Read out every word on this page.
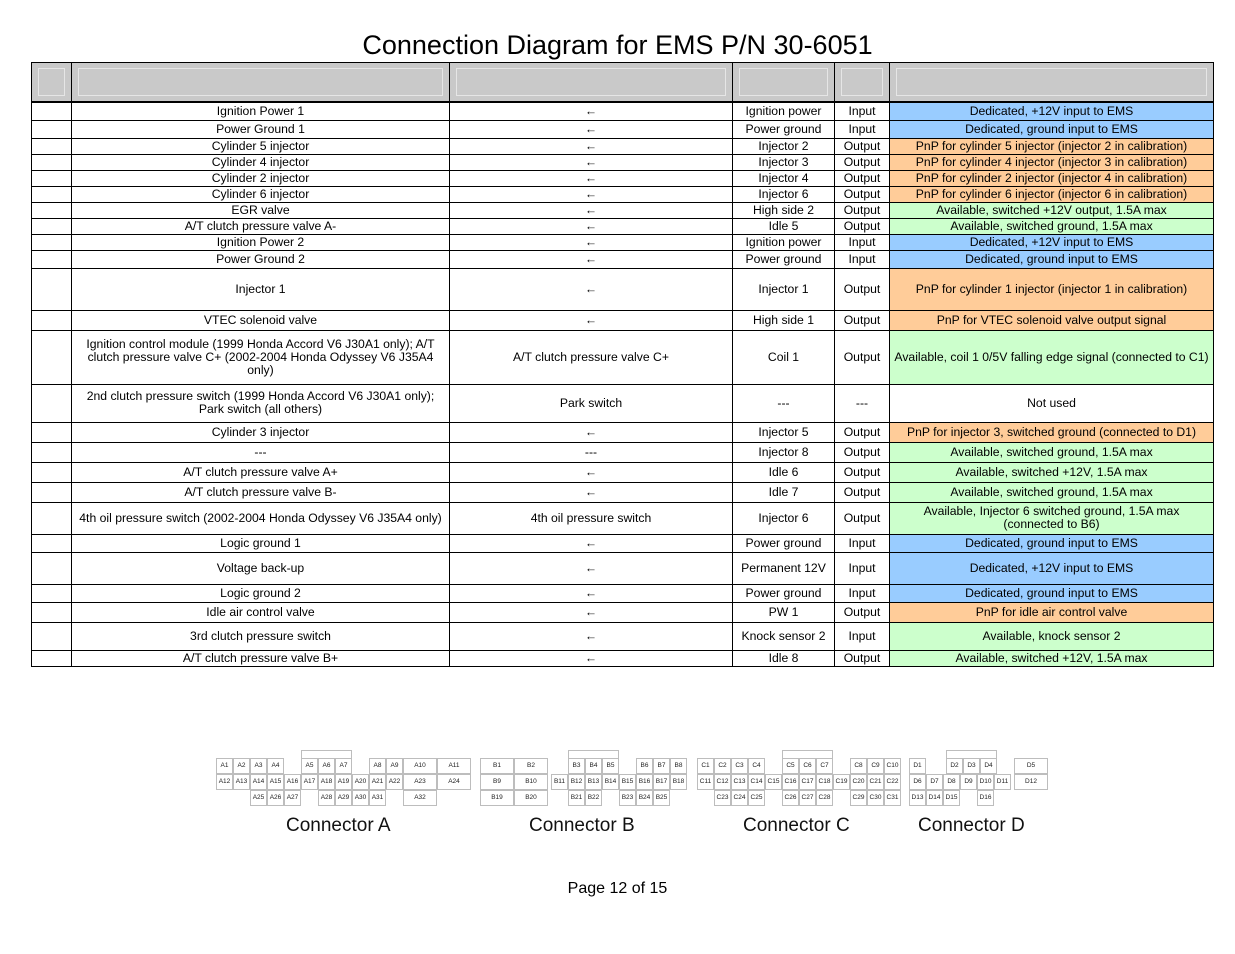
Connection Diagram for EMS P/N 30-6051

	Ignition Power 1	←	Ignition power	Input	Dedicated, +12V input to EMS
	Power Ground 1	←	Power ground	Input	Dedicated, ground input to EMS
	Cylinder 5 injector	←	Injector 2	Output	PnP for cylinder 5 injector (injector 2 in calibration)
	Cylinder 4 injector	←	Injector 3	Output	PnP for cylinder 4 injector (injector 3 in calibration)
	Cylinder 2 injector	←	Injector 4	Output	PnP for cylinder 2 injector (injector 4 in calibration)
	Cylinder 6 injector	←	Injector 6	Output	PnP for cylinder 6 injector (injector 6 in calibration)
	EGR valve	←	High side 2	Output	Available, switched +12V output, 1.5A max
	A/T clutch pressure valve A-	←	Idle 5	Output	Available, switched ground, 1.5A max
	Ignition Power 2	←	Ignition power	Input	Dedicated, +12V input to EMS
	Power Ground 2	←	Power ground	Input	Dedicated, ground input to EMS
	Injector 1	←	Injector 1	Output	PnP for cylinder 1 injector (injector 1 in calibration)
	VTEC solenoid valve	←	High side 1	Output	PnP for VTEC solenoid valve output signal
	Ignition control module (1999 Honda Accord V6 J30A1 only); A/T clutch pressure valve C+ (2002-2004 Honda Odyssey V6 J35A4 only)	A/T clutch pressure valve C+	Coil 1	Output	Available, coil 1 0/5V falling edge signal (connected to C1)
	2nd clutch pressure switch (1999 Honda Accord V6 J30A1 only); Park switch (all others)	Park switch	---	---	Not used
	Cylinder 3 injector	←	Injector 5	Output	PnP for injector 3, switched ground (connected to D1)
	---	---	Injector 8	Output	Available, switched ground, 1.5A max
	A/T clutch pressure valve A+	←	Idle 6	Output	Available, switched +12V, 1.5A max
	A/T clutch pressure valve B-	←	Idle 7	Output	Available, switched ground, 1.5A max
	4th oil pressure switch (2002-2004 Honda Odyssey V6 J35A4 only)	4th oil pressure switch	Injector 6	Output	Available, Injector 6 switched ground, 1.5A max (connected to B6)
	Logic ground 1	←	Power ground	Input	Dedicated, ground input to EMS
	Voltage back-up	←	Permanent 12V	Input	Dedicated, +12V input to EMS
	Logic ground 2	←	Power ground	Input	Dedicated, ground input to EMS
	Idle air control valve	←	PW 1	Output	PnP for idle air control valve
	3rd clutch pressure switch	←	Knock sensor 2	Input	Available, knock sensor 2
	A/T clutch pressure valve B+	←	Idle 8	Output	Available, switched +12V, 1.5A max
A1	A2	A3	A4	A5	A6	A7	A8	A9	A10	A11
A12 A13 A14 A15 A16 A17 A18 A19 A20 A21 A22	A23	A24
A25 A26 A27	A28 A29 A30 A31	A32
B1	B2	B3	B4	B5	B6	B7	B8
B9	B10	B11 B12 B13 B14 B15 B16 B17 B18
B19	B20	B21 B22	B23 B24 B25
C1	C2	C3	C4	C5	C6	C7	C8	C9	C10
C11 C12 C13 C14 C15 C16 C17 C18 C19 C20 C21 C22
C23 C24 C25	C26 C27 C28	C29 C30 C31
D1	D2	D3	D4	D5
D6	D7	D8	D9	D10 D11	D12
D13 D14 D15	D16
Connector A	Connector B	Connector C	Connector D
Page 12 of 15
